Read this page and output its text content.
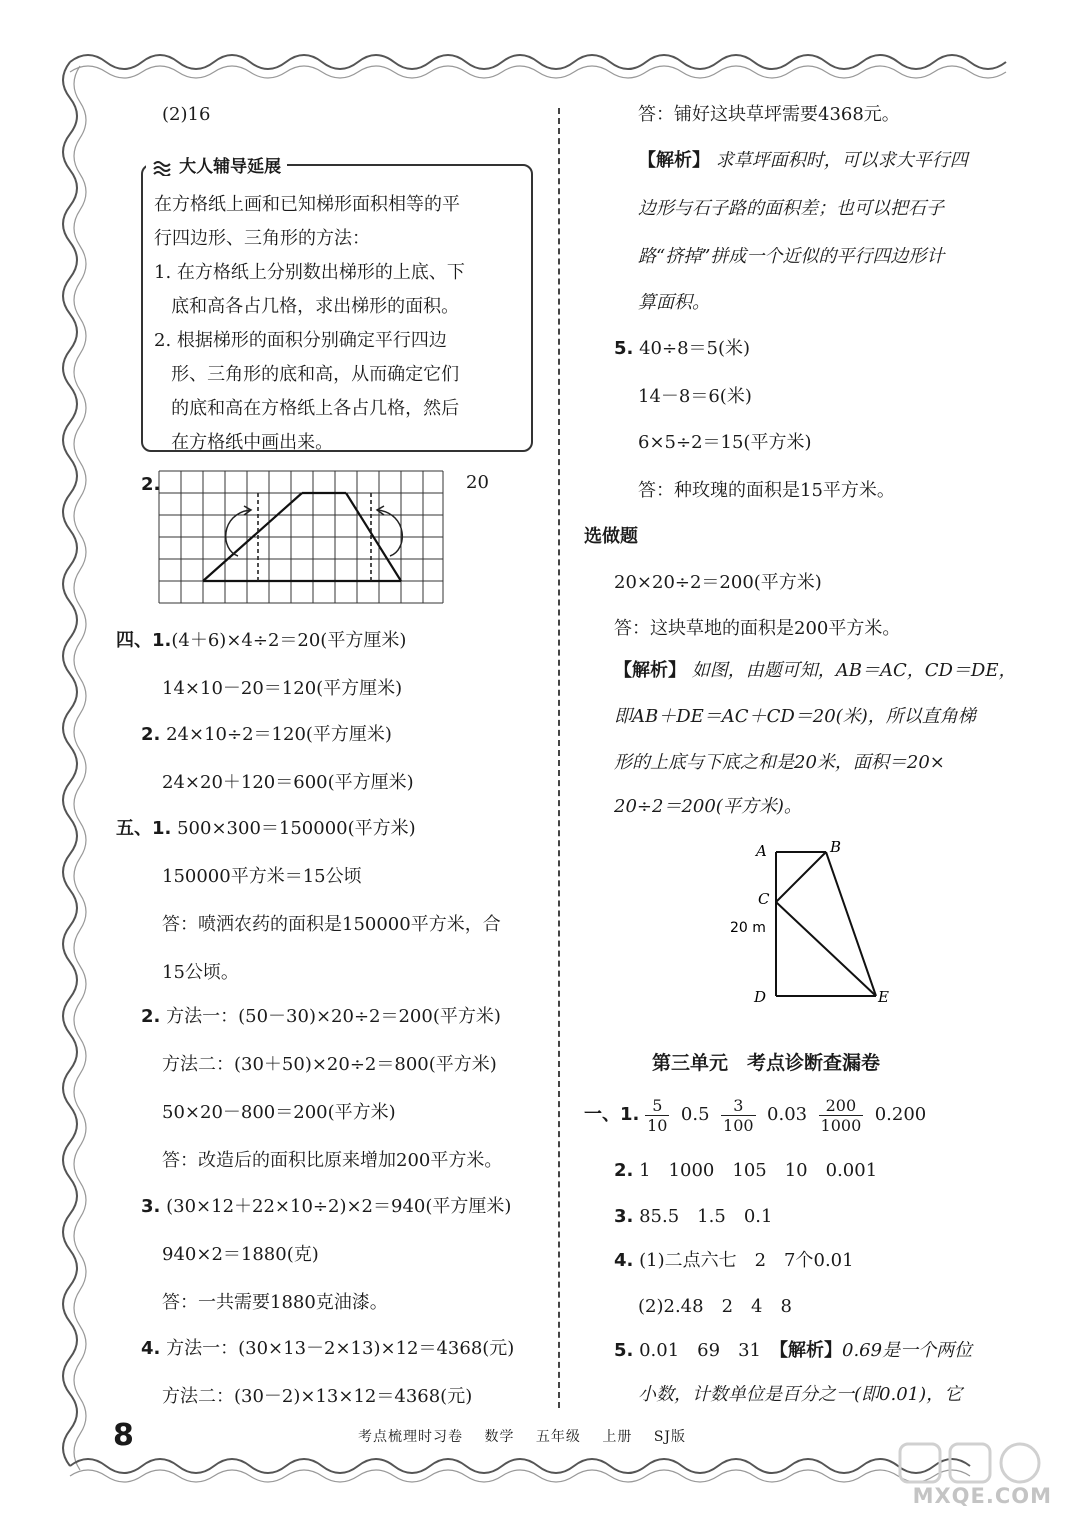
(2)16
大人辅导延展
在方格纸上画和已知梯形面积相等的平
行四边形、三角形的方法：
1. 在方格纸上分别数出梯形的上底、下
底和高各占几格，求出梯形的面积。
2. 根据梯形的面积分别确定平行四边
形、三角形的底和高，从而确定它们
的底和高在方格纸上各占几格，然后
在方格纸中画出来。
2.	20
四、1.(4＋6)×4÷2＝20(平方厘米)
14×10－20＝120(平方厘米)
2. 24×10÷2＝120(平方厘米)
24×20＋120＝600(平方厘米)
五、1. 500×300＝150000(平方米)
150000平方米＝15公顷
答：喷洒农药的面积是150000平方米，合
15公顷。
2. 方法一：(50－30)×20÷2＝200(平方米)
方法二：(30＋50)×20÷2＝800(平方米)
50×20－800＝200(平方米)
答：改造后的面积比原来增加200平方米。
3. (30×12＋22×10÷2)×2＝940(平方厘米)
940×2＝1880(克)
答：一共需要1880克油漆。
4. 方法一：(30×13－2×13)×12＝4368(元)
方法二：(30－2)×13×12＝4368(元)
答：铺好这块草坪需要4368元。
【解析】 求草坪面积时，可以求大平行四
边形与石子路的面积差；也可以把石子
路“挤掉”拼成一个近似的平行四边形计
算面积。
5. 40÷8＝5(米)
14－8＝6(米)
6×5÷2＝15(平方米)
答：种玫瑰的面积是15平方米。
选做题
20×20÷2＝200(平方米)
答：这块草地的面积是200平方米。
【解析】 如图，由题可知，AB＝AC，CD＝DE，
即AB＋DE＝AC＋CD＝20(米)，所以直角梯
形的上底与下底之和是20米，面积＝20×
20÷2＝200(平方米)。
A	B
C
20 m
D	E
第三单元　考点诊断查漏卷
一、1. $\frac{5}{10} 0.5 \frac{3}{100} 0.03 \frac{200}{1000} 0.200$
2. 1　1000　105　10　0.001
3. 85.5　1.5　0.1
4. (1)二点六七　2　7个0.01
(2)2.48　2　4　8
5. 0.01　69　31　【解析】0.69是一个两位
小数，计数单位是百分之一(即0.01)，它
8	考点梳理时习卷 数学 五年级 上册 SJ版
MXQE.COM
